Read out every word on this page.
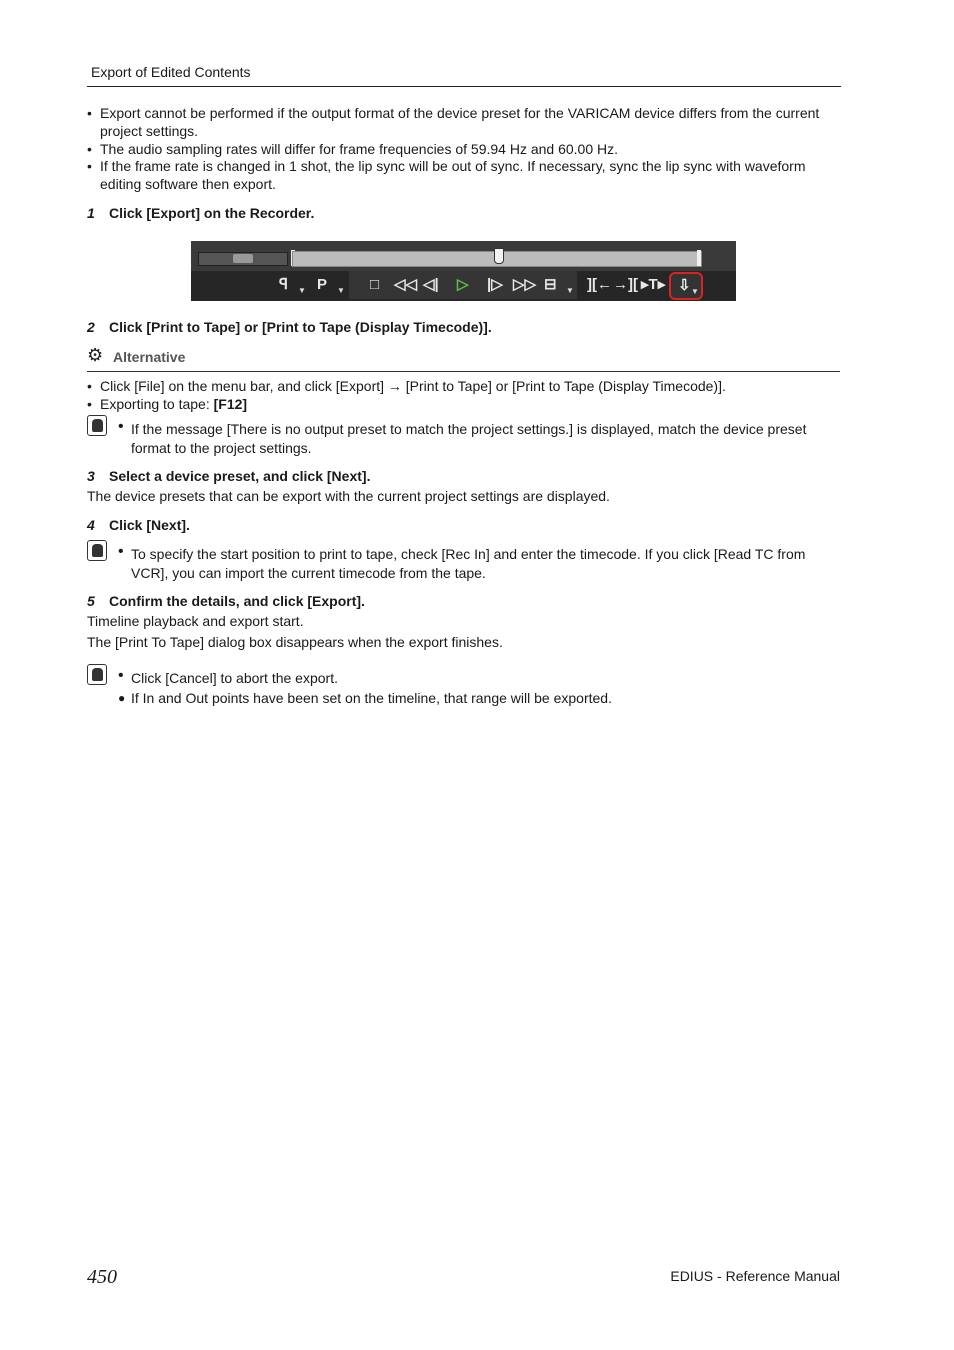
Export of Edited Contents
• Export cannot be performed if the output format of the device preset for the VARICAM device differs from the current project settings.
• The audio sampling rates will differ for frame frequencies of 59.94 Hz and 60.00 Hz.
• If the frame rate is changed in 1 shot, the lip sync will be out of sync. If necessary, sync the lip sync with waveform editing software then export.
1 Click [Export] on the Recorder.
ꟼ ▼ P ▼ □ ◁◁ ◁| ▷ |▷ ▷▷ ⊟ ▼ ][← →][ ▸T▸ ⇩ ▼
2 Click [Print to Tape] or [Print to Tape (Display Timecode)].
⚙ Alternative
• Click [File] on the menu bar, and click [Export] → [Print to Tape] or [Print to Tape (Display Timecode)].
• Exporting to tape: [F12]
• If the message [There is no output preset to match the project settings.] is displayed, match the device preset format to the project settings.
3 Select a device preset, and click [Next].
The device presets that can be export with the current project settings are displayed.
4 Click [Next].
• To specify the start position to print to tape, check [Rec In] and enter the timecode. If you click [Read TC from VCR], you can import the current timecode from the tape.
5 Confirm the details, and click [Export].
Timeline playback and export start.
The [Print To Tape] dialog box disappears when the export finishes.
• Click [Cancel] to abort the export.
● If In and Out points have been set on the timeline, that range will be exported.
450	EDIUS - Reference Manual
